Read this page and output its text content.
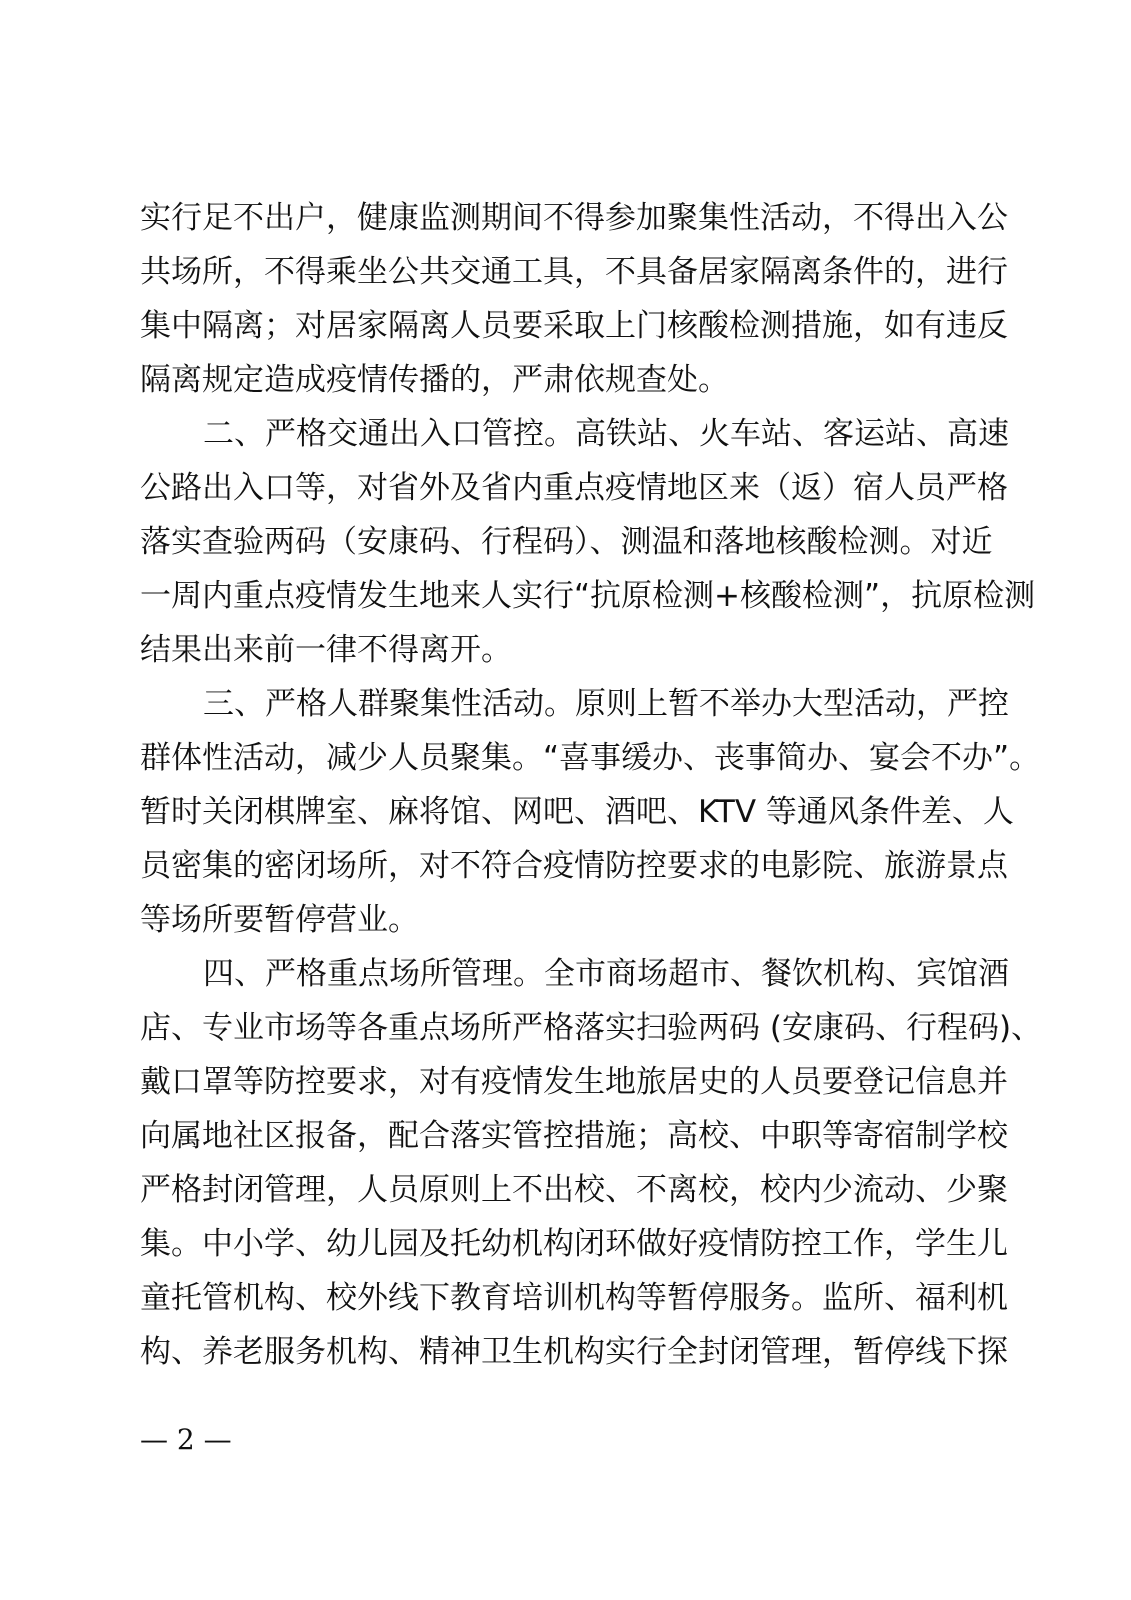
实行足不出户，健康监测期间不得参加聚集性活动，不得出入公
共场所，不得乘坐公共交通工具，不具备居家隔离条件的，进行
集中隔离；对居家隔离人员要采取上门核酸检测措施，如有违反
隔离规定造成疫情传播的，严肃依规查处。
二、严格交通出入口管控。高铁站、火车站、客运站、高速
公路出入口等，对省外及省内重点疫情地区来（返）宿人员严格
落实查验两码（安康码、行程码）、测温和落地核酸检测。对近
一周内重点疫情发生地来人实行“抗原检测+核酸检测”，抗原检测
结果出来前一律不得离开。
三、严格人群聚集性活动。原则上暂不举办大型活动，严控
群体性活动，减少人员聚集。“喜事缓办、丧事简办、宴会不办”。
暂时关闭棋牌室、麻将馆、网吧、酒吧、KTV 等通风条件差、人
员密集的密闭场所，对不符合疫情防控要求的电影院、旅游景点
等场所要暂停营业。
四、严格重点场所管理。全市商场超市、餐饮机构、宾馆酒
店、专业市场等各重点场所严格落实扫验两码 (安康码、行程码)、
戴口罩等防控要求，对有疫情发生地旅居史的人员要登记信息并
向属地社区报备，配合落实管控措施；高校、中职等寄宿制学校
严格封闭管理，人员原则上不出校、不离校，校内少流动、少聚
集。中小学、幼儿园及托幼机构闭环做好疫情防控工作，学生儿
童托管机构、校外线下教育培训机构等暂停服务。监所、福利机
构、养老服务机构、精神卫生机构实行全封闭管理，暂停线下探
— 2 —
